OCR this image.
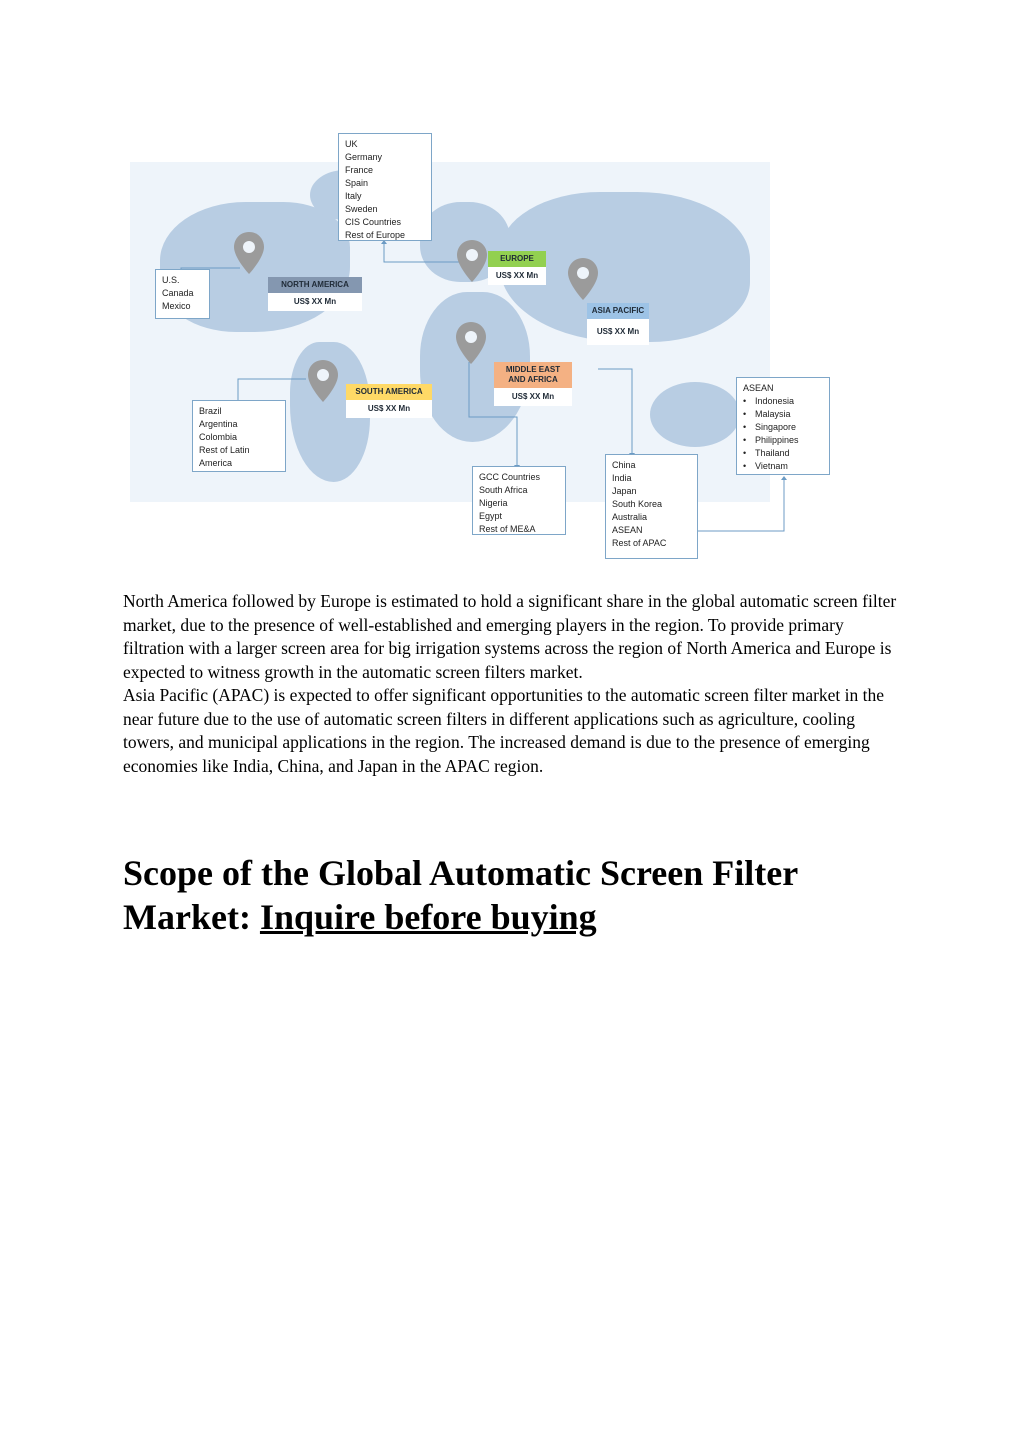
NORTH AMERICA
US$ XX Mn
EUROPE
US$ XX Mn
ASIA PACIFIC
US$ XX Mn
MIDDLE EAST
AND AFRICA
US$ XX Mn
SOUTH AMERICA
US$ XX Mn
UK
Germany
France
Spain
Italy
Sweden
CIS Countries
Rest of Europe
U.S.
Canada
Mexico
Brazil
Argentina
Colombia
Rest of Latin
America
GCC Countries
South Africa
Nigeria
Egypt
Rest of ME&A
China
India
Japan
South Korea
Australia
ASEAN
Rest of APAC
ASEAN
• Indonesia
• Malaysia
• Singapore
• Philippines
• Thailand
• Vietnam

North America followed by Europe is estimated to hold a significant share in the global automatic screen filter market, due to the presence of well-established and emerging players in the region. To provide primary filtration with a larger screen area for big irrigation systems across the region of North America and Europe is expected to witness growth in the automatic screen filters market.

Asia Pacific (APAC) is expected to offer significant opportunities to the automatic screen filter market in the near future due to the use of automatic screen filters in different applications such as agriculture, cooling towers, and municipal applications in the region. The increased demand is due to the presence of emerging economies like India, China, and Japan in the APAC region.

Scope of the Global Automatic Screen Filter Market: Inquire before buying
